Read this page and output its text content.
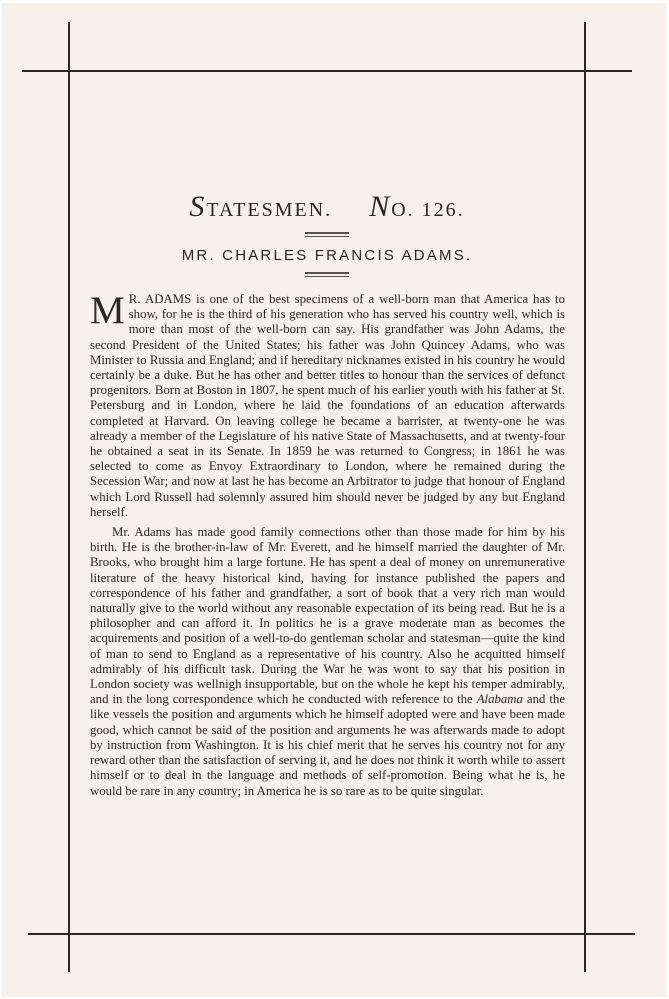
STATESMEN. NO. 126.
MR. CHARLES FRANCIS ADAMS.

M R. ADAMS is one of the best specimens of a well-born man that America has to show, for he is the third of his generation who has served his country well, which is more than most of the well-born can say. His grandfather was John Adams, the second President of the United States; his father was John Quincey Adams, who was Minister to Russia and England; and if hereditary nicknames existed in his country he would certainly be a duke. But he has other and better titles to honour than the services of defunct progenitors. Born at Boston in 1807, he spent much of his earlier youth with his father at St. Petersburg and in London, where he laid the foundations of an education afterwards completed at Harvard. On leaving college he became a barrister, at twenty-one he was already a member of the Legislature of his native State of Massachusetts, and at twenty-four he obtained a seat in its Senate. In 1859 he was returned to Congress; in 1861 he was selected to come as Envoy Extraordinary to London, where he remained during the Secession War; and now at last he has become an Arbitrator to judge that honour of England which Lord Russell had solemnly assured him should never be judged by any but England herself.

Mr. Adams has made good family connections other than those made for him by his birth. He is the brother-in-law of Mr. Everett, and he himself married the daughter of Mr. Brooks, who brought him a large fortune. He has spent a deal of money on unremunerative literature of the heavy historical kind, having for instance published the papers and correspondence of his father and grandfather, a sort of book that a very rich man would naturally give to the world without any reasonable expectation of its being read. But he is a philosopher and can afford it. In politics he is a grave moderate man as becomes the acquirements and position of a well-to-do gentleman scholar and statesman—quite the kind of man to send to England as a representative of his country. Also he acquitted himself admirably of his difficult task. During the War he was wont to say that his position in London society was wellnigh insupportable, but on the whole he kept his temper admirably, and in the long correspondence which he conducted with reference to the Alabama and the like vessels the position and arguments which he himself adopted were and have been made good, which cannot be said of the position and arguments he was afterwards made to adopt by instruction from Washington. It is his chief merit that he serves his country not for any reward other than the satisfaction of serving it, and he does not think it worth while to assert himself or to deal in the language and methods of self-promotion. Being what he is, he would be rare in any country; in America he is so rare as to be quite singular.
